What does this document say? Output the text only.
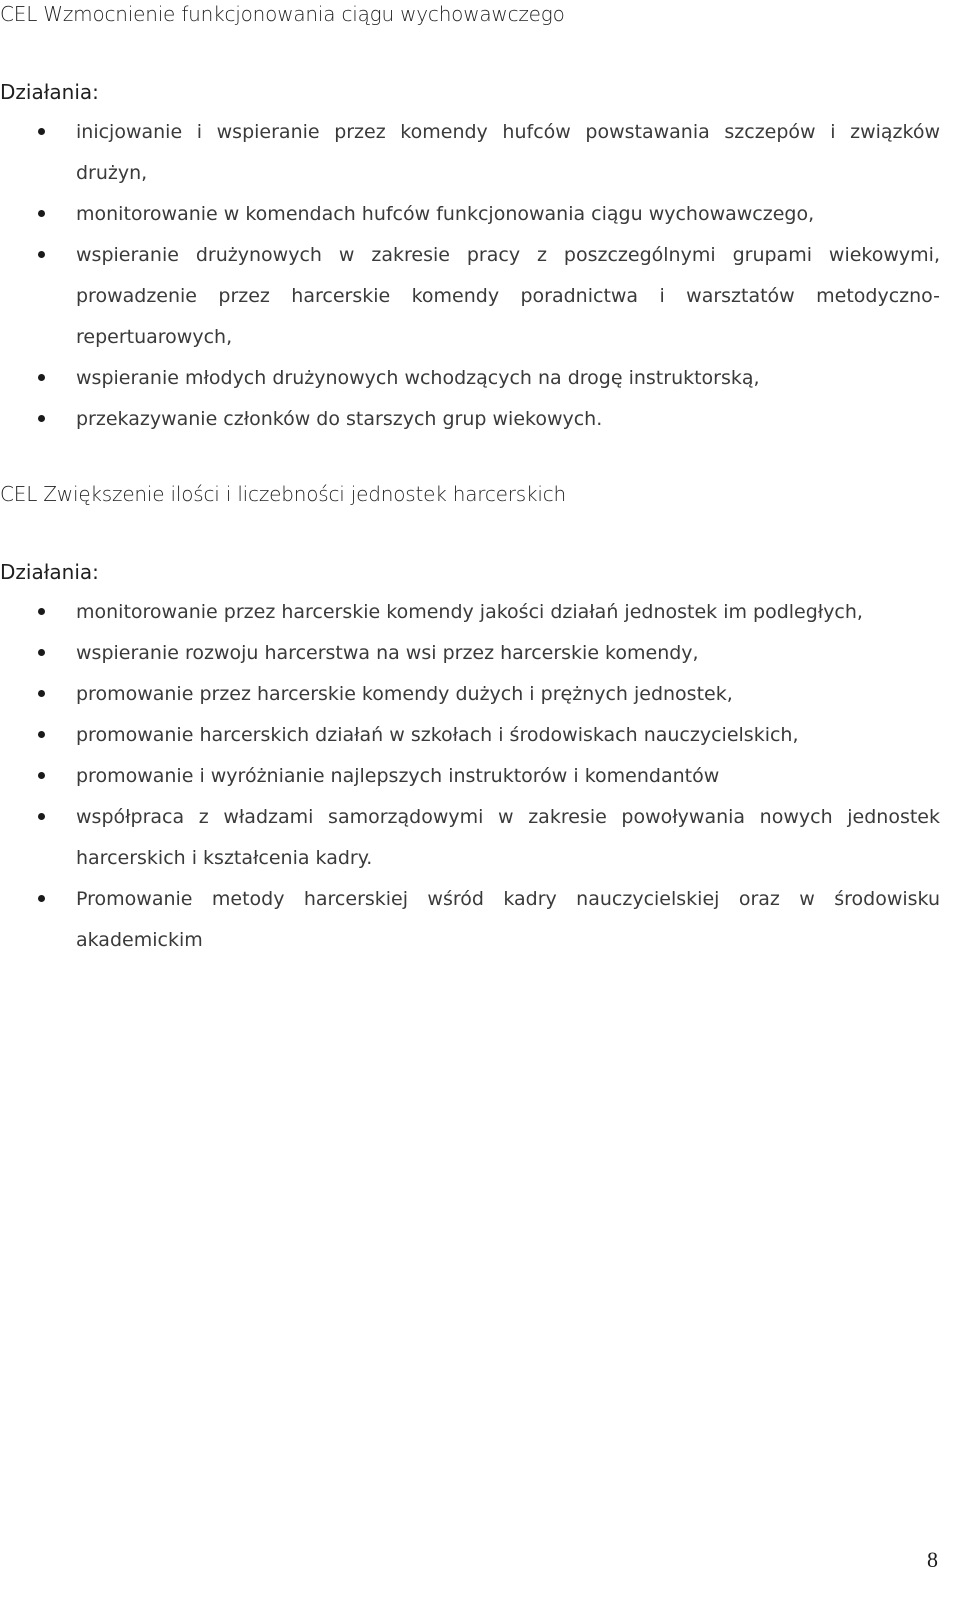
CEL Wzmocnienie funkcjonowania ciągu wychowawczego
Działania:
inicjowanie i wspieranie przez komendy hufców powstawania szczepów i związków drużyn,
monitorowanie w komendach hufców funkcjonowania ciągu wychowawczego,
wspieranie drużynowych w zakresie pracy z poszczególnymi grupami wiekowymi, prowadzenie przez harcerskie komendy poradnictwa i warsztatów metodyczno-repertuarowych,
wspieranie młodych drużynowych wchodzących na drogę instruktorską,
przekazywanie członków do starszych grup wiekowych.
CEL Zwiększenie ilości i liczebności jednostek harcerskich
Działania:
monitorowanie przez harcerskie komendy jakości działań jednostek im podległych,
wspieranie rozwoju harcerstwa na wsi przez harcerskie komendy,
promowanie przez harcerskie komendy dużych i prężnych jednostek,
promowanie harcerskich działań w szkołach i środowiskach nauczycielskich,
promowanie i wyróżnianie najlepszych instruktorów i komendantów
współpraca z władzami samorządowymi w zakresie powoływania nowych jednostek harcerskich i kształcenia kadry.
Promowanie metody harcerskiej wśród kadry nauczycielskiej oraz w środowisku akademickim
8
